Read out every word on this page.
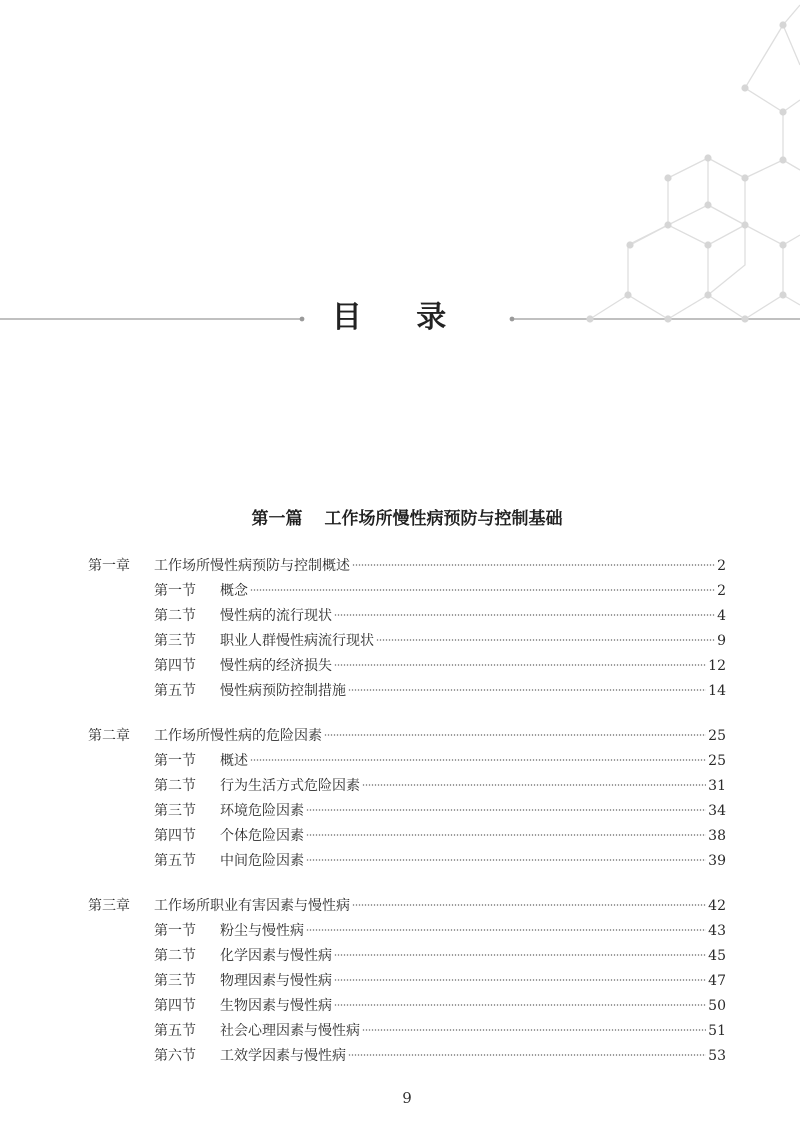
目 录
第一篇 工作场所慢性病预防与控制基础
第一章	工作场所慢性病预防与控制概述	2
第一节	概念	2
第二节	慢性病的流行现状	4
第三节	职业人群慢性病流行现状	9
第四节	慢性病的经济损失	12
第五节	慢性病预防控制措施	14
第二章	工作场所慢性病的危险因素	25
第一节	概述	25
第二节	行为生活方式危险因素	31
第三节	环境危险因素	34
第四节	个体危险因素	38
第五节	中间危险因素	39
第三章	工作场所职业有害因素与慢性病	42
第一节	粉尘与慢性病	43
第二节	化学因素与慢性病	45
第三节	物理因素与慢性病	47
第四节	生物因素与慢性病	50
第五节	社会心理因素与慢性病	51
第六节	工效学因素与慢性病	53
9
